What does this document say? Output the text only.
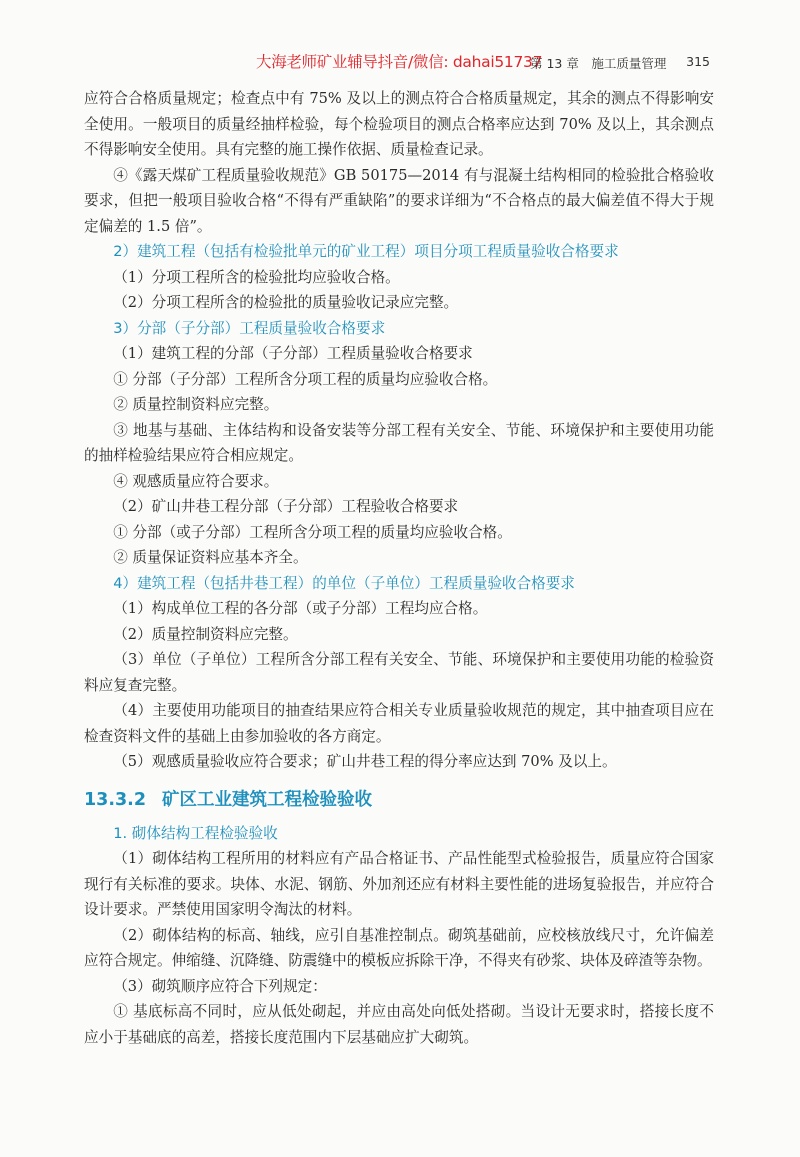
大海老师矿业辅导抖音/微信: dahai51737
第 13 章　施工质量管理 315

应符合合格质量规定；检查点中有 75% 及以上的测点符合合格质量规定，其余的测点不得影响安全使用。一般项目的质量经抽样检验，每个检验项目的测点合格率应达到 70% 及以上，其余测点不得影响安全使用。具有完整的施工操作依据、质量检查记录。

④《露天煤矿工程质量验收规范》GB 50175—2014 有与混凝土结构相同的检验批合格验收要求，但把一般项目验收合格“不得有严重缺陷”的要求详细为“不合格点的最大偏差值不得大于规定偏差的 1.5 倍”。

2）建筑工程（包括有检验批单元的矿业工程）项目分项工程质量验收合格要求

（1）分项工程所含的检验批均应验收合格。

（2）分项工程所含的检验批的质量验收记录应完整。

3）分部（子分部）工程质量验收合格要求

（1）建筑工程的分部（子分部）工程质量验收合格要求

① 分部（子分部）工程所含分项工程的质量均应验收合格。

② 质量控制资料应完整。

③ 地基与基础、主体结构和设备安装等分部工程有关安全、节能、环境保护和主要使用功能的抽样检验结果应符合相应规定。

④ 观感质量应符合要求。

（2）矿山井巷工程分部（子分部）工程验收合格要求

① 分部（或子分部）工程所含分项工程的质量均应验收合格。

② 质量保证资料应基本齐全。

4）建筑工程（包括井巷工程）的单位（子单位）工程质量验收合格要求

（1）构成单位工程的各分部（或子分部）工程均应合格。

（2）质量控制资料应完整。

（3）单位（子单位）工程所含分部工程有关安全、节能、环境保护和主要使用功能的检验资料应复查完整。

（4）主要使用功能项目的抽查结果应符合相关专业质量验收规范的规定，其中抽查项目应在检查资料文件的基础上由参加验收的各方商定。

（5）观感质量验收应符合要求；矿山井巷工程的得分率应达到 70% 及以上。

13.3.2 矿区工业建筑工程检验验收

1. 砌体结构工程检验验收

（1）砌体结构工程所用的材料应有产品合格证书、产品性能型式检验报告，质量应符合国家现行有关标准的要求。块体、水泥、钢筋、外加剂还应有材料主要性能的进场复验报告，并应符合设计要求。严禁使用国家明令淘汰的材料。

（2）砌体结构的标高、轴线，应引自基准控制点。砌筑基础前，应校核放线尺寸，允许偏差应符合规定。伸缩缝、沉降缝、防震缝中的模板应拆除干净，不得夹有砂浆、块体及碎渣等杂物。

（3）砌筑顺序应符合下列规定：

① 基底标高不同时，应从低处砌起，并应由高处向低处搭砌。当设计无要求时，搭接长度不应小于基础底的高差，搭接长度范围内下层基础应扩大砌筑。
